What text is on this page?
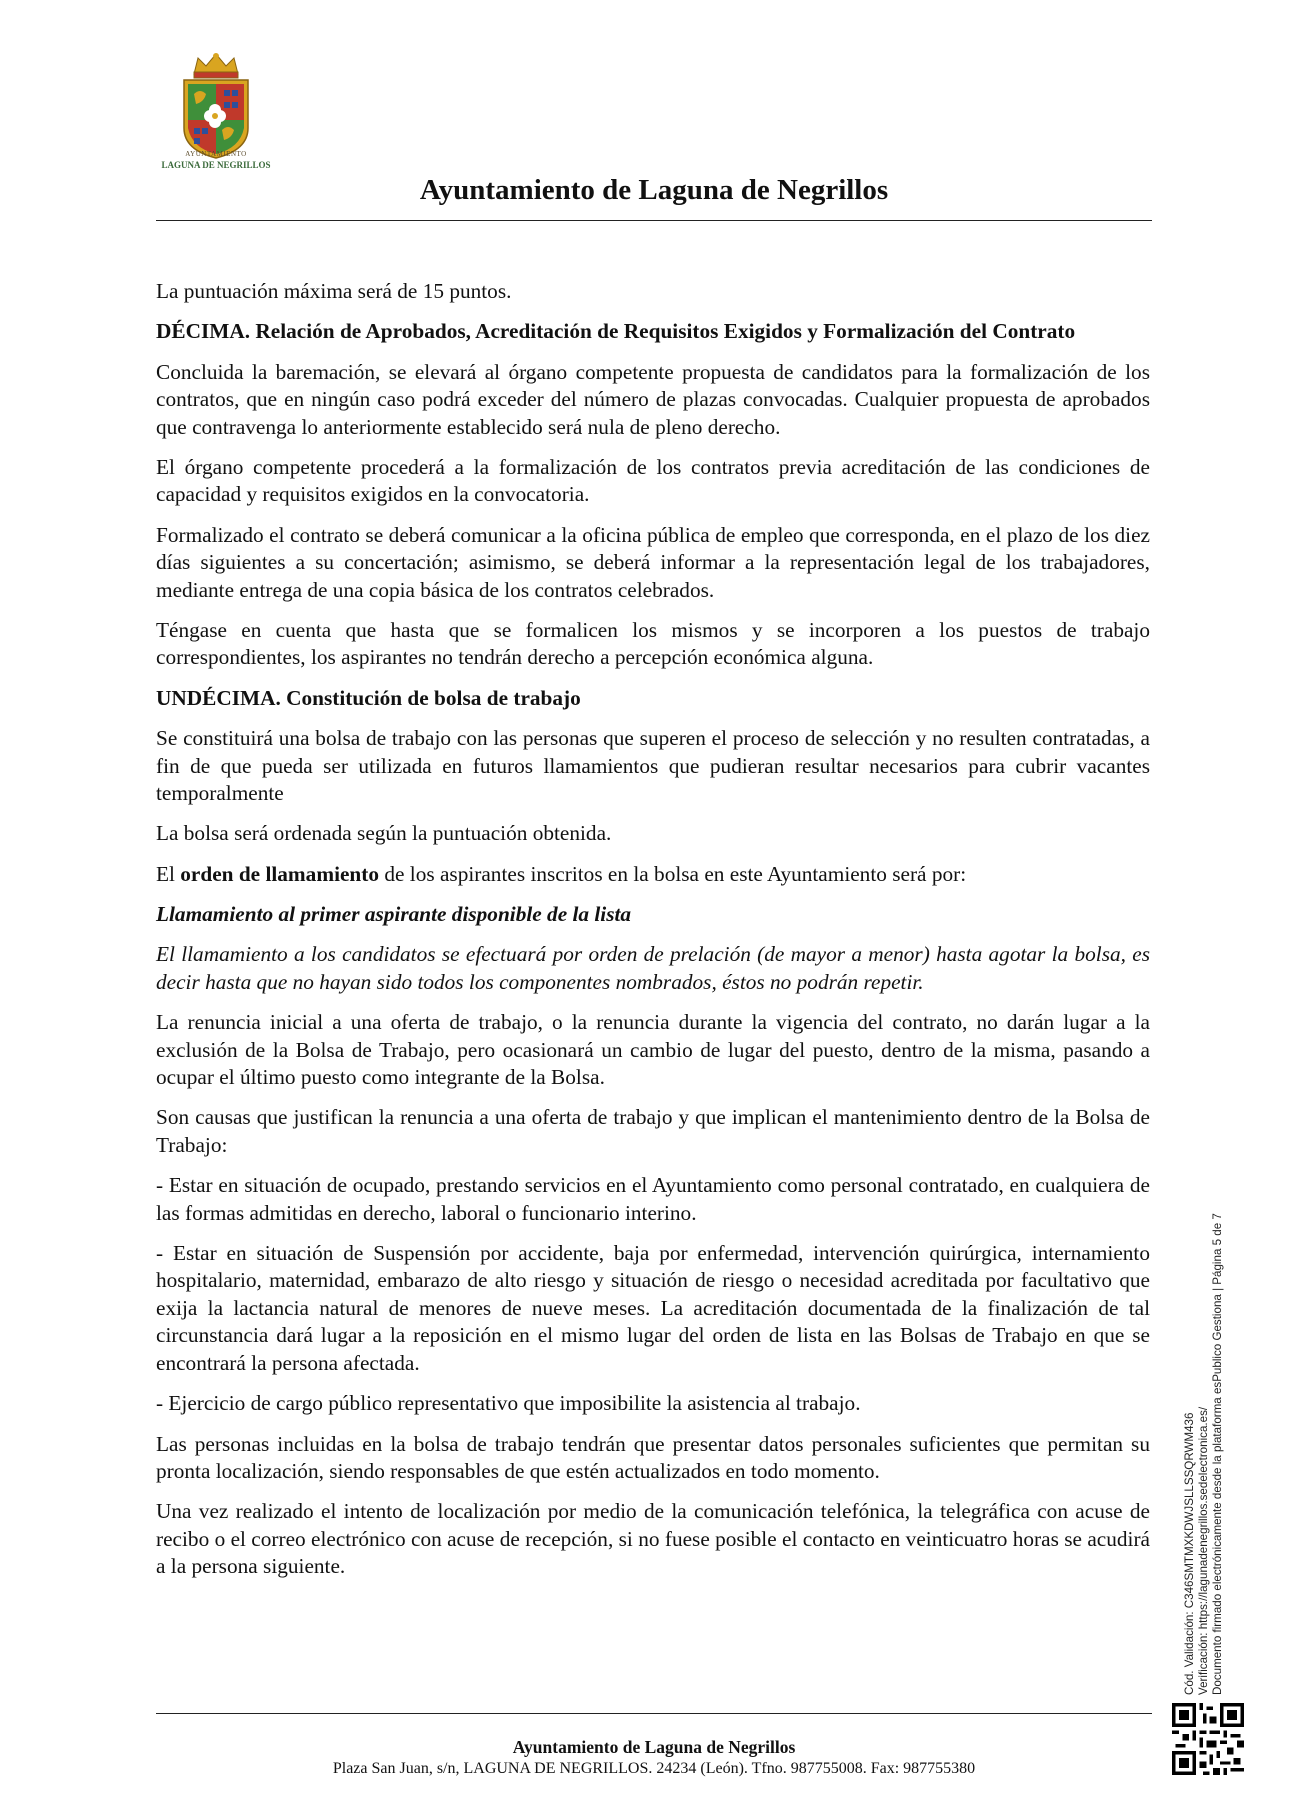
AYUNTAMIENTO
LAGUNA DE NEGRILLOS
Ayuntamiento de Laguna de Negrillos

La puntuación máxima será de 15 puntos.

DÉCIMA. Relación de Aprobados, Acreditación de Requisitos Exigidos y Formalización del Contrato

Concluida la baremación, se elevará al órgano competente propuesta de candidatos para la formalización de los contratos, que en ningún caso podrá exceder del número de plazas convocadas. Cualquier propuesta de aprobados que contravenga lo anteriormente establecido será nula de pleno derecho.

El órgano competente procederá a la formalización de los contratos previa acreditación de las condiciones de capacidad y requisitos exigidos en la convocatoria.

Formalizado el contrato se deberá comunicar a la oficina pública de empleo que corresponda, en el plazo de los diez días siguientes a su concertación; asimismo, se deberá informar a la representación legal de los trabajadores, mediante entrega de una copia básica de los contratos celebrados.

Téngase en cuenta que hasta que se formalicen los mismos y se incorporen a los puestos de trabajo correspondientes, los aspirantes no tendrán derecho a percepción económica alguna.

UNDÉCIMA. Constitución de bolsa de trabajo

Se constituirá una bolsa de trabajo con las personas que superen el proceso de selección y no resulten contratadas, a fin de que pueda ser utilizada en futuros llamamientos que pudieran resultar necesarios para cubrir vacantes temporalmente

La bolsa será ordenada según la puntuación obtenida.

El orden de llamamiento de los aspirantes inscritos en la bolsa en este Ayuntamiento será por:

Llamamiento al primer aspirante disponible de la lista

El llamamiento a los candidatos se efectuará por orden de prelación (de mayor a menor) hasta agotar la bolsa, es decir hasta que no hayan sido todos los componentes nombrados, éstos no podrán repetir.

La renuncia inicial a una oferta de trabajo, o la renuncia durante la vigencia del contrato, no darán lugar a la exclusión de la Bolsa de Trabajo, pero ocasionará un cambio de lugar del puesto, dentro de la misma, pasando a ocupar el último puesto como integrante de la Bolsa.

Son causas que justifican la renuncia a una oferta de trabajo y que implican el mantenimiento dentro de la Bolsa de Trabajo:

- Estar en situación de ocupado, prestando servicios en el Ayuntamiento como personal contratado, en cualquiera de las formas admitidas en derecho, laboral o funcionario interino.

- Estar en situación de Suspensión por accidente, baja por enfermedad, intervención quirúrgica, internamiento hospitalario, maternidad, embarazo de alto riesgo y situación de riesgo o necesidad acreditada por facultativo que exija la lactancia natural de menores de nueve meses. La acreditación documentada de la finalización de tal circunstancia dará lugar a la reposición en el mismo lugar del orden de lista en las Bolsas de Trabajo en que se encontrará la persona afectada.

- Ejercicio de cargo público representativo que imposibilite la asistencia al trabajo.

Las personas incluidas en la bolsa de trabajo tendrán que presentar datos personales suficientes que permitan su pronta localización, siendo responsables de que estén actualizados en todo momento.

Una vez realizado el intento de localización por medio de la comunicación telefónica, la telegráfica con acuse de recibo o el correo electrónico con acuse de recepción, si no fuese posible el contacto en veinticuatro horas se acudirá a la persona siguiente.

Ayuntamiento de Laguna de Negrillos
Plaza San Juan, s/n, LAGUNA DE NEGRILLOS. 24234 (León). Tfno. 987755008. Fax: 987755380
Cód. Validación: C346SMTMXKDWJSLLSSQRWM436 Verificación: https://lagunadenegrillos.sedelectronica.es/ Documento firmado electrónicamente desde la plataforma esPublico Gestiona | Página 5 de 7
